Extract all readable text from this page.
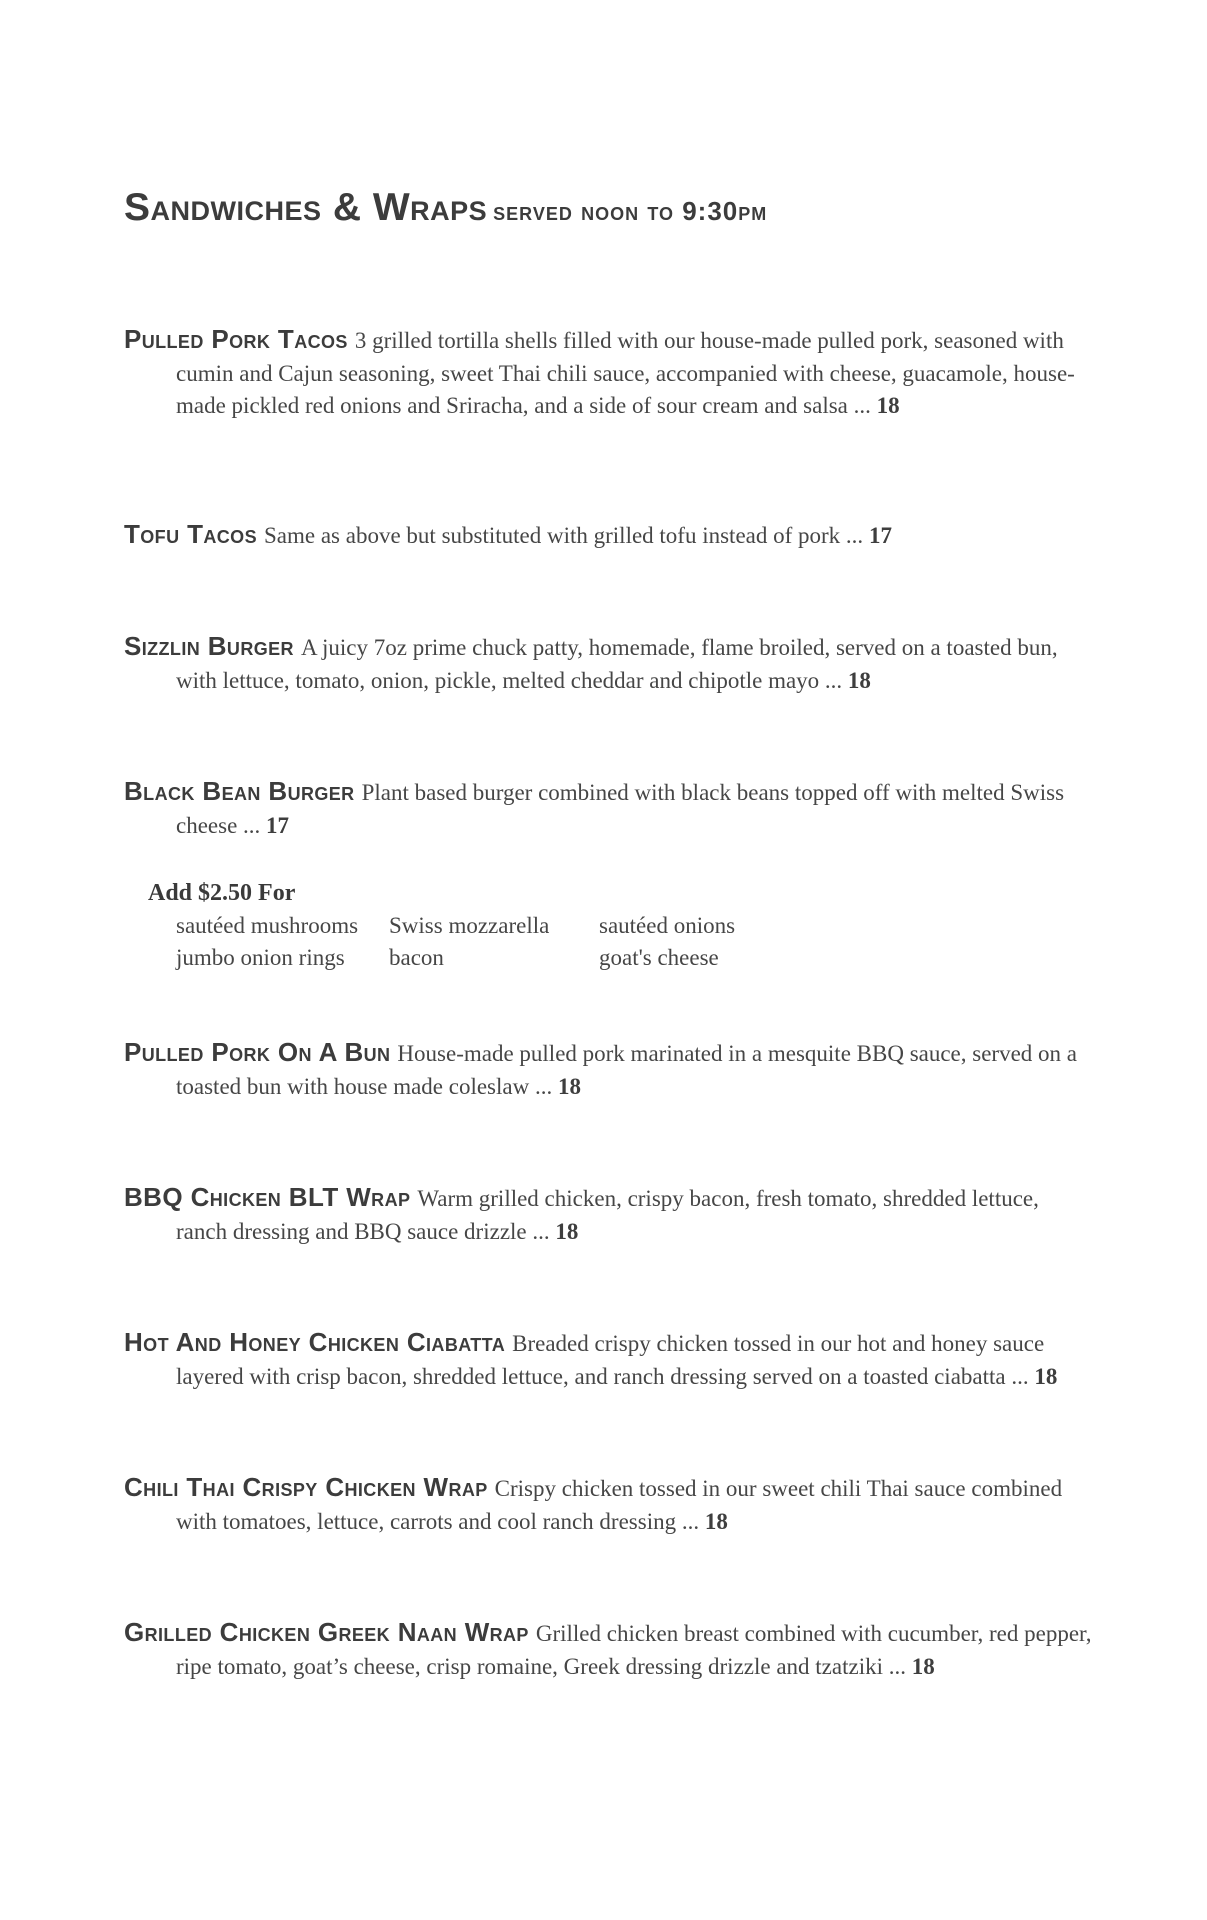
Sandwiches & Wraps served noon to 9:30pm

Pulled Pork Tacos 3 grilled tortilla shells filled with our house-made pulled pork, seasoned with cumin and Cajun seasoning, sweet Thai chili sauce, accompanied with cheese, guacamole, house-made pickled red onions and Sriracha, and a side of sour cream and salsa ... 18

Tofu Tacos Same as above but substituted with grilled tofu instead of pork ... 17

Sizzlin Burger A juicy 7oz prime chuck patty, homemade, flame broiled, served on a toasted bun, with lettuce, tomato, onion, pickle, melted cheddar and chipotle mayo ... 18

Black Bean Burger Plant based burger combined with black beans topped off with melted Swiss cheese ... 17

Add $2.50 For
sautéed mushrooms
jumbo onion rings
Swiss mozzarella
bacon
sautéed onions
goat's cheese

Pulled Pork On A Bun House-made pulled pork marinated in a mesquite BBQ sauce, served on a toasted bun with house made coleslaw ... 18

BBQ Chicken BLT Wrap Warm grilled chicken, crispy bacon, fresh tomato, shredded lettuce, ranch dressing and BBQ sauce drizzle ... 18

Hot And Honey Chicken Ciabatta Breaded crispy chicken tossed in our hot and honey sauce layered with crisp bacon, shredded lettuce, and ranch dressing served on a toasted ciabatta ... 18

Chili Thai Crispy Chicken Wrap Crispy chicken tossed in our sweet chili Thai sauce combined with tomatoes, lettuce, carrots and cool ranch dressing ... 18

Grilled Chicken Greek Naan Wrap Grilled chicken breast combined with cucumber, red pepper, ripe tomato, goat’s cheese, crisp romaine, Greek dressing drizzle and tzatziki ... 18
